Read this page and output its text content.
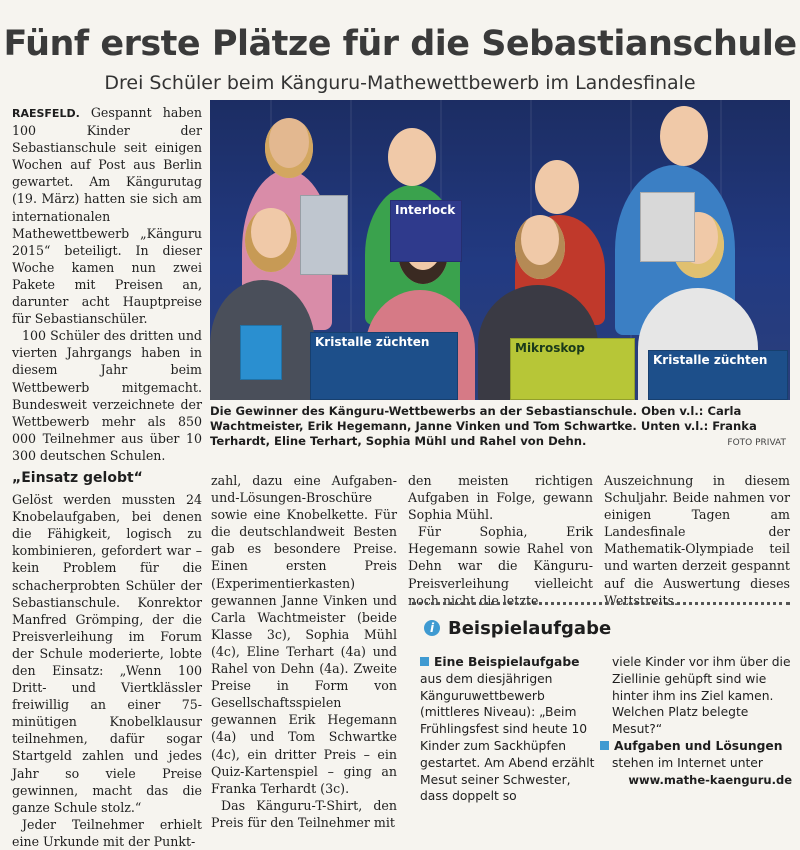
Fünf erste Plätze für die Sebastianschule
Drei Schüler beim Känguru-Mathewettbewerb im Landesfinale

RAESFELD. Gespannt haben 100 Kinder der Sebastianschule seit einigen Wochen auf Post aus Berlin gewartet. Am Kängurutag (19. März) hatten sie sich am internationalen Mathewettbewerb „Känguru 2015“ beteiligt. In dieser Woche kamen nun zwei Pakete mit Preisen an, darunter acht Hauptpreise für Sebastianschüler.

100 Schüler des dritten und vierten Jahrgangs haben in diesem Jahr beim Wettbewerb mitgemacht. Bundesweit verzeichnete der Wettbewerb mehr als 850 000 Teilnehmer aus über 10 300 deutschen Schulen.

„Einsatz gelobt“

Gelöst werden mussten 24 Knobelaufgaben, bei denen die Fähigkeit, logisch zu kombinieren, gefordert war – kein Problem für die schacherprobten Schüler der Sebastianschule. Konrektor Manfred Grömping, der die Preisverleihung im Forum der Schule moderierte, lobte den Einsatz: „Wenn 100 Dritt- und Viertklässler freiwillig an einer 75-minütigen Knobelklausur teilnehmen, dafür sogar Startgeld zahlen und jedes Jahr so viele Preise gewinnen, macht das die ganze Schule stolz.“

Jeder Teilnehmer erhielt eine Urkunde mit der Punkt-

Interlock
Kristalle züchten	Mikroskop
Kristalle züchten
Die Gewinner des Känguru-Wettbewerbs an der Sebastianschule. Oben v.l.: Carla Wachtmeister, Erik Hegemann, Janne Vinken und Tom Schwartke. Unten v.l.: Franka Terhardt, Eline Terhart, Sophia Mühl und Rahel von Dehn.	FOTO PRIVAT

zahl, dazu eine Aufgaben- und-Lösungen-Broschüre sowie eine Knobelkette. Für die deutschlandweit Besten gab es besondere Preise. Einen ersten Preis (Experimentierkasten) gewannen Janne Vinken und Carla Wachtmeister (beide Klasse 3c), Sophia Mühl (4c), Eline Terhart (4a) und Rahel von Dehn (4a). Zweite Preise in Form von Gesellschaftsspielen gewannen Erik Hegemann (4a) und Tom Schwartke (4c), ein dritter Preis – ein Quiz-Kartenspiel – ging an Franka Terhardt (3c).

Das Känguru-T-Shirt, den Preis für den Teilnehmer mit

den meisten richtigen Aufgaben in Folge, gewann Sophia Mühl.

Für Sophia, Erik Hegemann sowie Rahel von Dehn war die Känguru-Preisverleihung vielleicht noch nicht die letzte

Auszeichnung in diesem Schuljahr. Beide nahmen vor einigen Tagen am Landesfinale der Mathematik-Olympiade teil und warten derzeit gespannt auf die Auswertung dieses Wettstreits.

i Beispielaufgabe
Eine Beispielaufgabe aus dem diesjährigen Känguruwettbewerb (mittleres Niveau): „Beim Frühlingsfest sind heute 10 Kinder zum Sackhüpfen gestartet. Am Abend erzählt Mesut seiner Schwester, dass doppelt so
viele Kinder vor ihm über die Ziellinie gehüpft sind wie hinter ihm ins Ziel kamen. Welchen Platz belegte Mesut?“
Aufgaben und Lösungen
stehen im Internet unter
www.mathe-kaenguru.de
